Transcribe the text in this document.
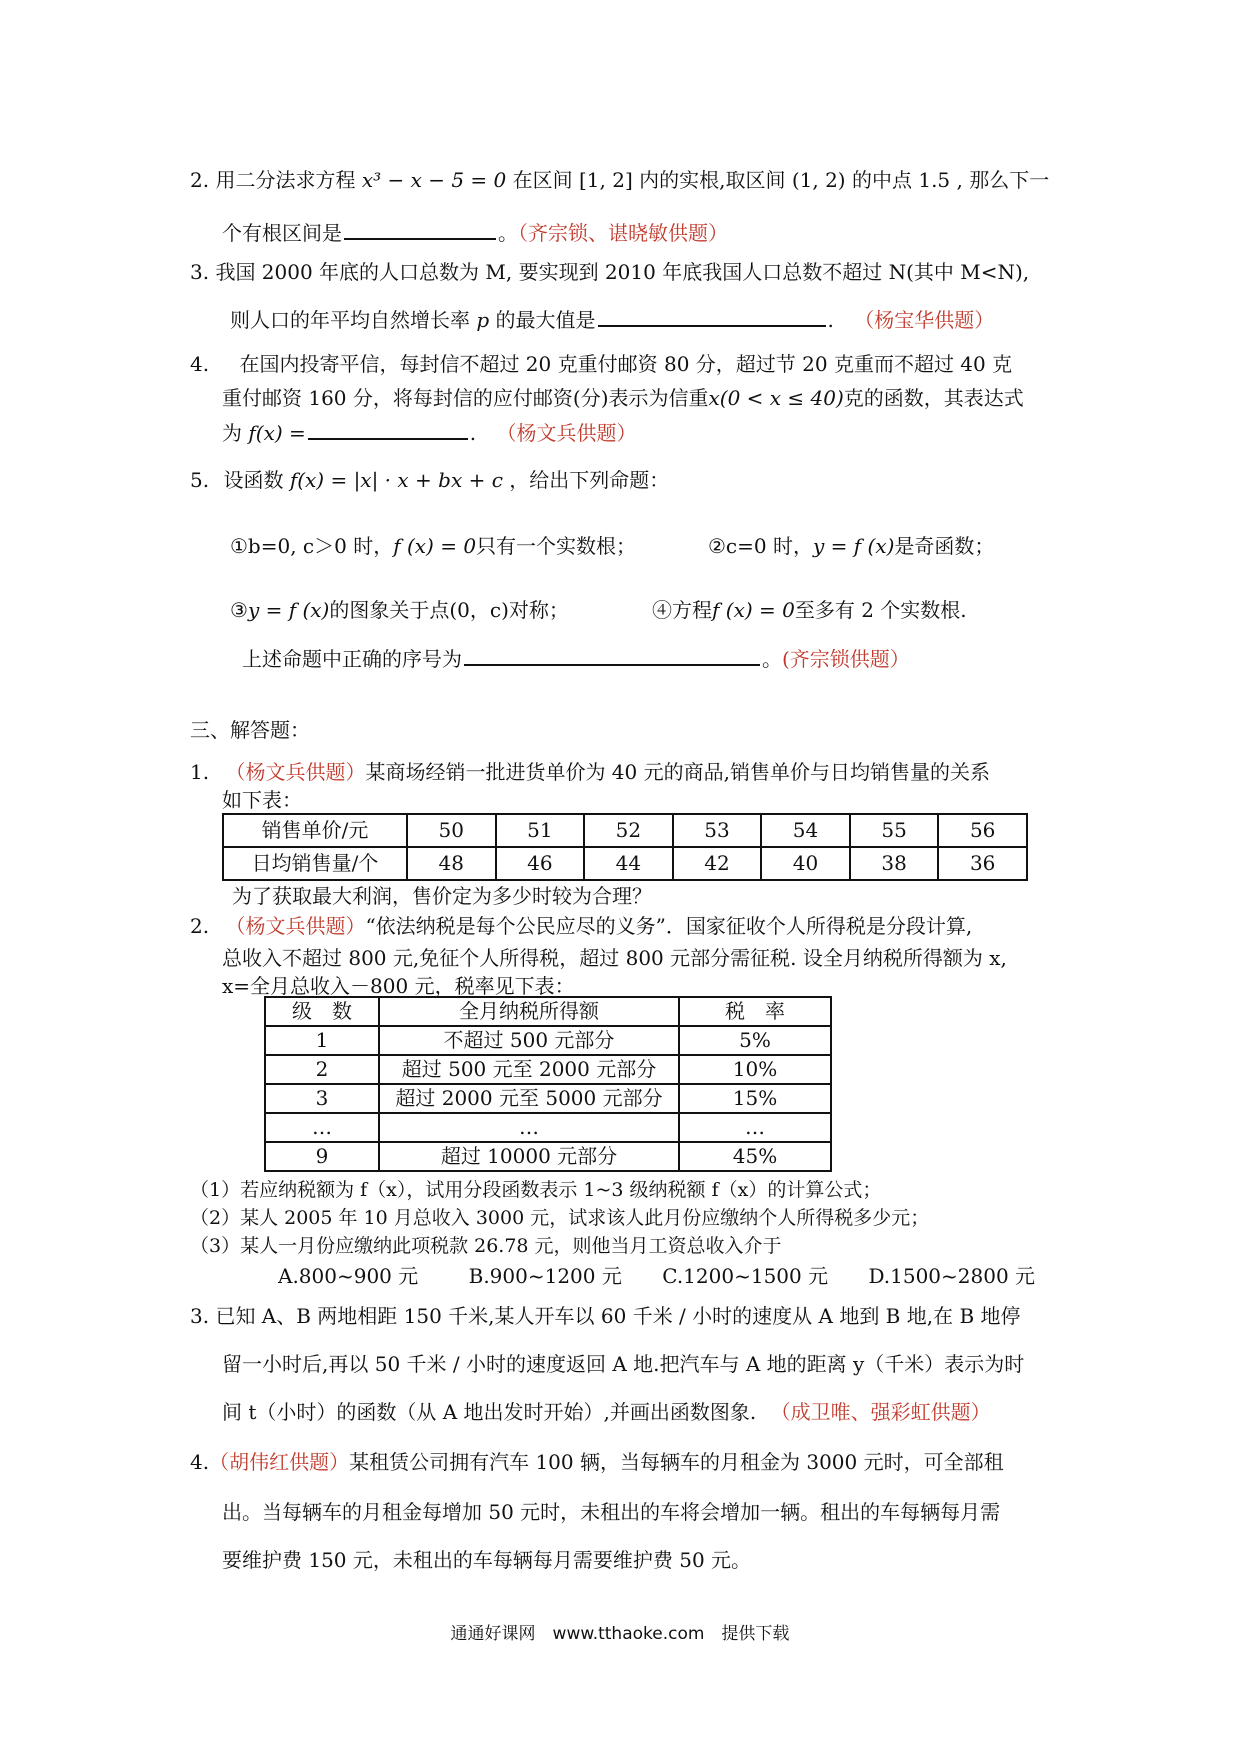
2. 用二分法求方程 x³ − x − 5 = 0 在区间 [1, 2] 内的实根,取区间 (1, 2) 的中点 1.5 , 那么下一
个有根区间是	。（齐宗锁、谌晓敏供题）
3. 我国 2000 年底的人口总数为 M, 要实现到 2010 年底我国人口总数不超过 N(其中 M<N),
则人口的年平均自然增长率 p 的最大值是	. （杨宝华供题）
4. 在国内投寄平信，每封信不超过 20 克重付邮资 80 分，超过节 20 克重而不超过 40 克
重付邮资 160 分，将每封信的应付邮资(分)表示为信重x(0 < x ≤ 40)克的函数，其表达式
为 f(x) =	. （杨文兵供题）
5. 设函数 f(x) = |x| · x + bx + c ，给出下列命题：
①b=0, c＞0 时，f (x) = 0只有一个实数根；	②c=0 时，y = f (x)是奇函数；
③y = f (x)的图象关于点(0，c)对称；	④方程f (x) = 0至多有 2 个实数根.
上述命题中正确的序号为	。(齐宗锁供题）
三、解答题：
1. （杨文兵供题）某商场经销一批进货单价为 40 元的商品,销售单价与日均销售量的关系
如下表：
销售单价/元	50	51	52	53	54	55	56
日均销售量/个	48	46	44	42	40	38	36
为了获取最大利润，售价定为多少时较为合理？
2. （杨文兵供题）“依法纳税是每个公民应尽的义务”．国家征收个人所得税是分段计算,
总收入不超过 800 元,免征个人所得税，超过 800 元部分需征税. 设全月纳税所得额为 x,
x=全月总收入－800 元，税率见下表：
级　数	全月纳税所得额	税　率
1	不超过 500 元部分	5%
2	超过 500 元至 2000 元部分	10%
3	超过 2000 元至 5000 元部分	15%
…	…	…
9	超过 10000 元部分	45%
（1）若应纳税额为 f（x），试用分段函数表示 1~3 级纳税额 f（x）的计算公式；
（2）某人 2005 年 10 月总收入 3000 元，试求该人此月份应缴纳个人所得税多少元；
（3）某人一月份应缴纳此项税款 26.78 元，则他当月工资总收入介于
A.800~900 元	B.900~1200 元 C.1200~1500 元 D.1500~2800 元
3. 已知 A、B 两地相距 150 千米,某人开车以 60 千米 / 小时的速度从 A 地到 B 地,在 B 地停
留一小时后,再以 50 千米 / 小时的速度返回 A 地.把汽车与 A 地的距离 y（千米）表示为时
间 t（小时）的函数（从 A 地出发时开始）,并画出函数图象. （成卫唯、强彩虹供题）
4.（胡伟红供题）某租赁公司拥有汽车 100 辆，当每辆车的月租金为 3000 元时，可全部租
出。当每辆车的月租金每增加 50 元时，未租出的车将会增加一辆。租出的车每辆每月需
要维护费 150 元，未租出的车每辆每月需要维护费 50 元。
通通好课网　www.tthaoke.com　提供下载
